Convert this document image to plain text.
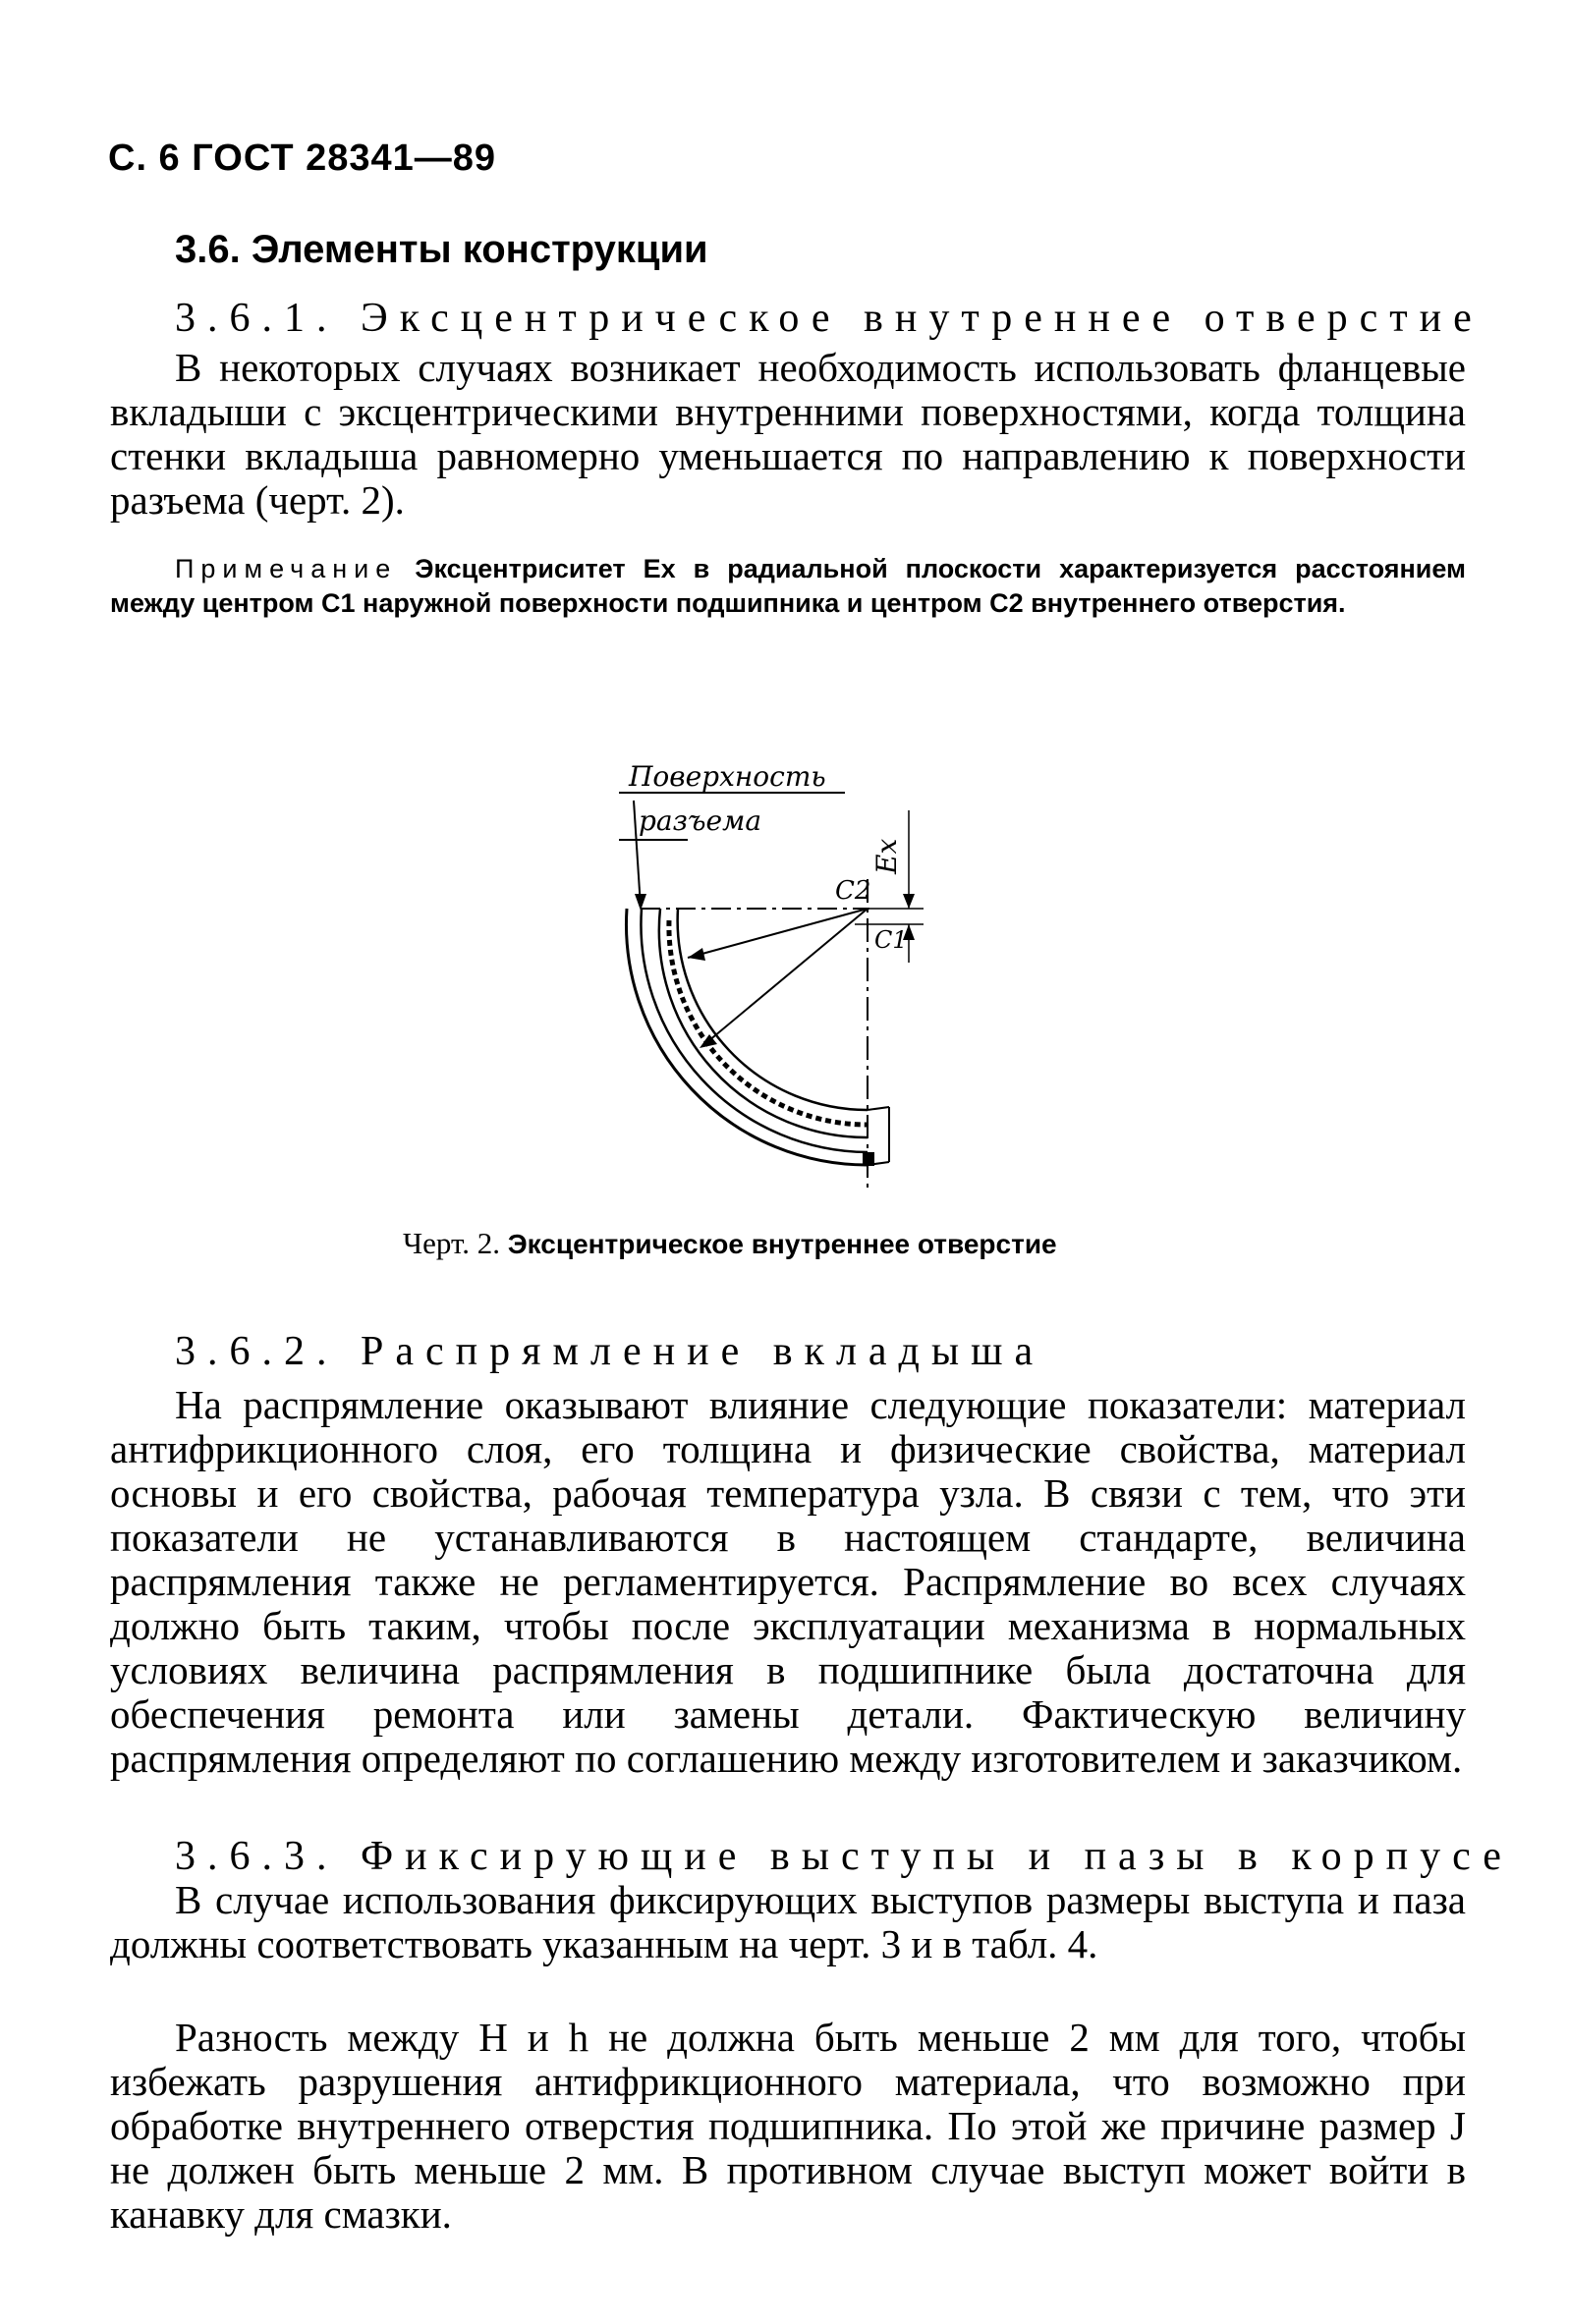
С. 6 ГОСТ 28341—89
3.6. Элементы конструкции
3.6.1. Эксцентрическое внутреннее отверстие
В некоторых случаях возникает необходимость использовать фланцевые вкладыши с эксцентрическими внутренними поверхностями, когда толщина стенки вкладыша равномерно уменьшается по направлению к поверхности разъема (черт. 2).
Примечание Эксцентриситет Ex в радиальной плоскости характеризуется расстоянием между центром C1 наружной поверхности подшипника и центром C2 внутреннего отверстия.
Поверхность
разъема
Ex
C2
C1
Черт. 2. Эксцентрическое внутреннее отверстие
3.6.2. Распрямление вкладыша
На распрямление оказывают влияние следующие показатели: материал антифрикционного слоя, его толщина и физические свойства, материал основы и его свойства, рабочая температура узла. В связи с тем, что эти показатели не устанавливаются в настоящем стандарте, величина распрямления также не регламентируется. Распрямление во всех случаях должно быть таким, чтобы после эксплуатации механизма в нормальных условиях величина распрямления в подшипнике была достаточна для обеспечения ремонта или замены детали. Фактическую величину распрямления определяют по соглашению между изготовителем и заказчиком.
3.6.3. Фиксирующие выступы и пазы в корпусе
В случае использования фиксирующих выступов размеры выступа и паза должны соответствовать указанным на черт. 3 и в табл. 4.
Разность между H и h не должна быть меньше 2 мм для того, чтобы избежать разрушения антифрикционного материала, что возможно при обработке внутреннего отверстия подшипника. По этой же причине размер J не должен быть меньше 2 мм. В противном случае выступ может войти в канавку для смазки.
